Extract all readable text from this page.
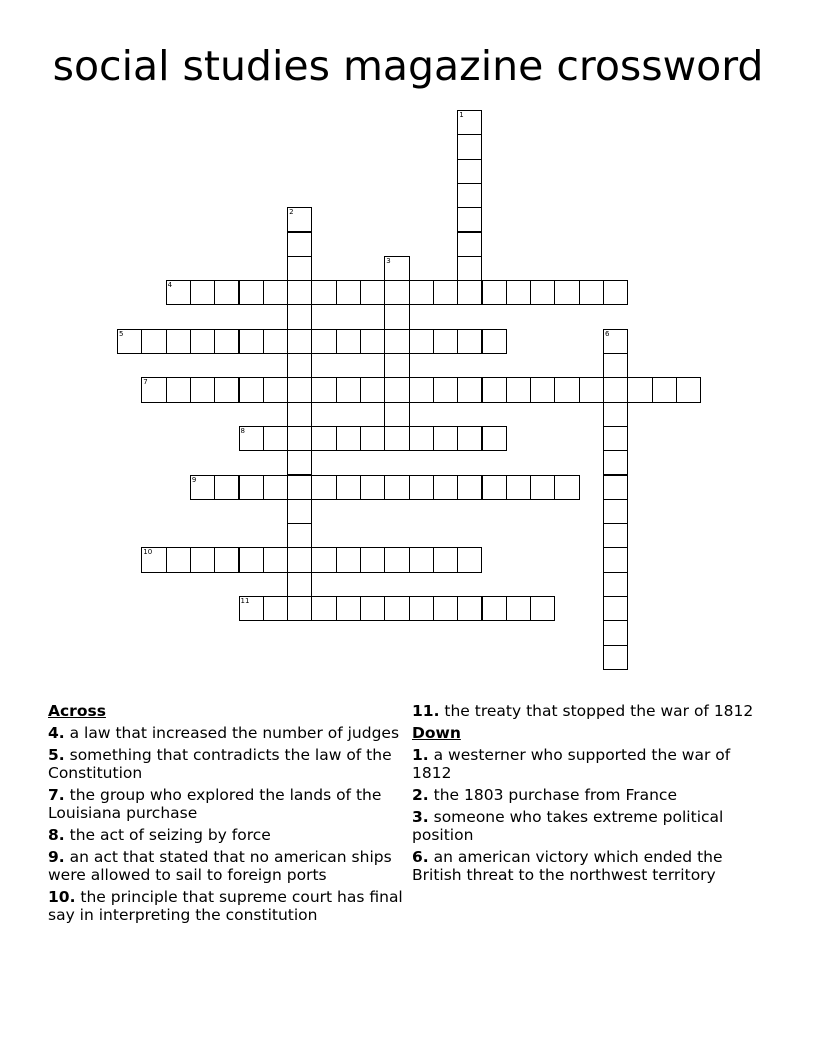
social studies magazine crossword
4
5
7
8
9
10
11
1
2
3
6
Across
4. a law that increased the number of judges
5. something that contradicts the law of the Constitution
7. the group who explored the lands of the Louisiana purchase
8. the act of seizing by force
9. an act that stated that no american ships were allowed to sail to foreign ports
10. the principle that supreme court has final say in interpreting the constitution
11. the treaty that stopped the war of 1812
Down
1. a westerner who supported the war of 1812
2. the 1803 purchase from France
3. someone who takes extreme political position
6. an american victory which ended the British threat to the northwest territory
